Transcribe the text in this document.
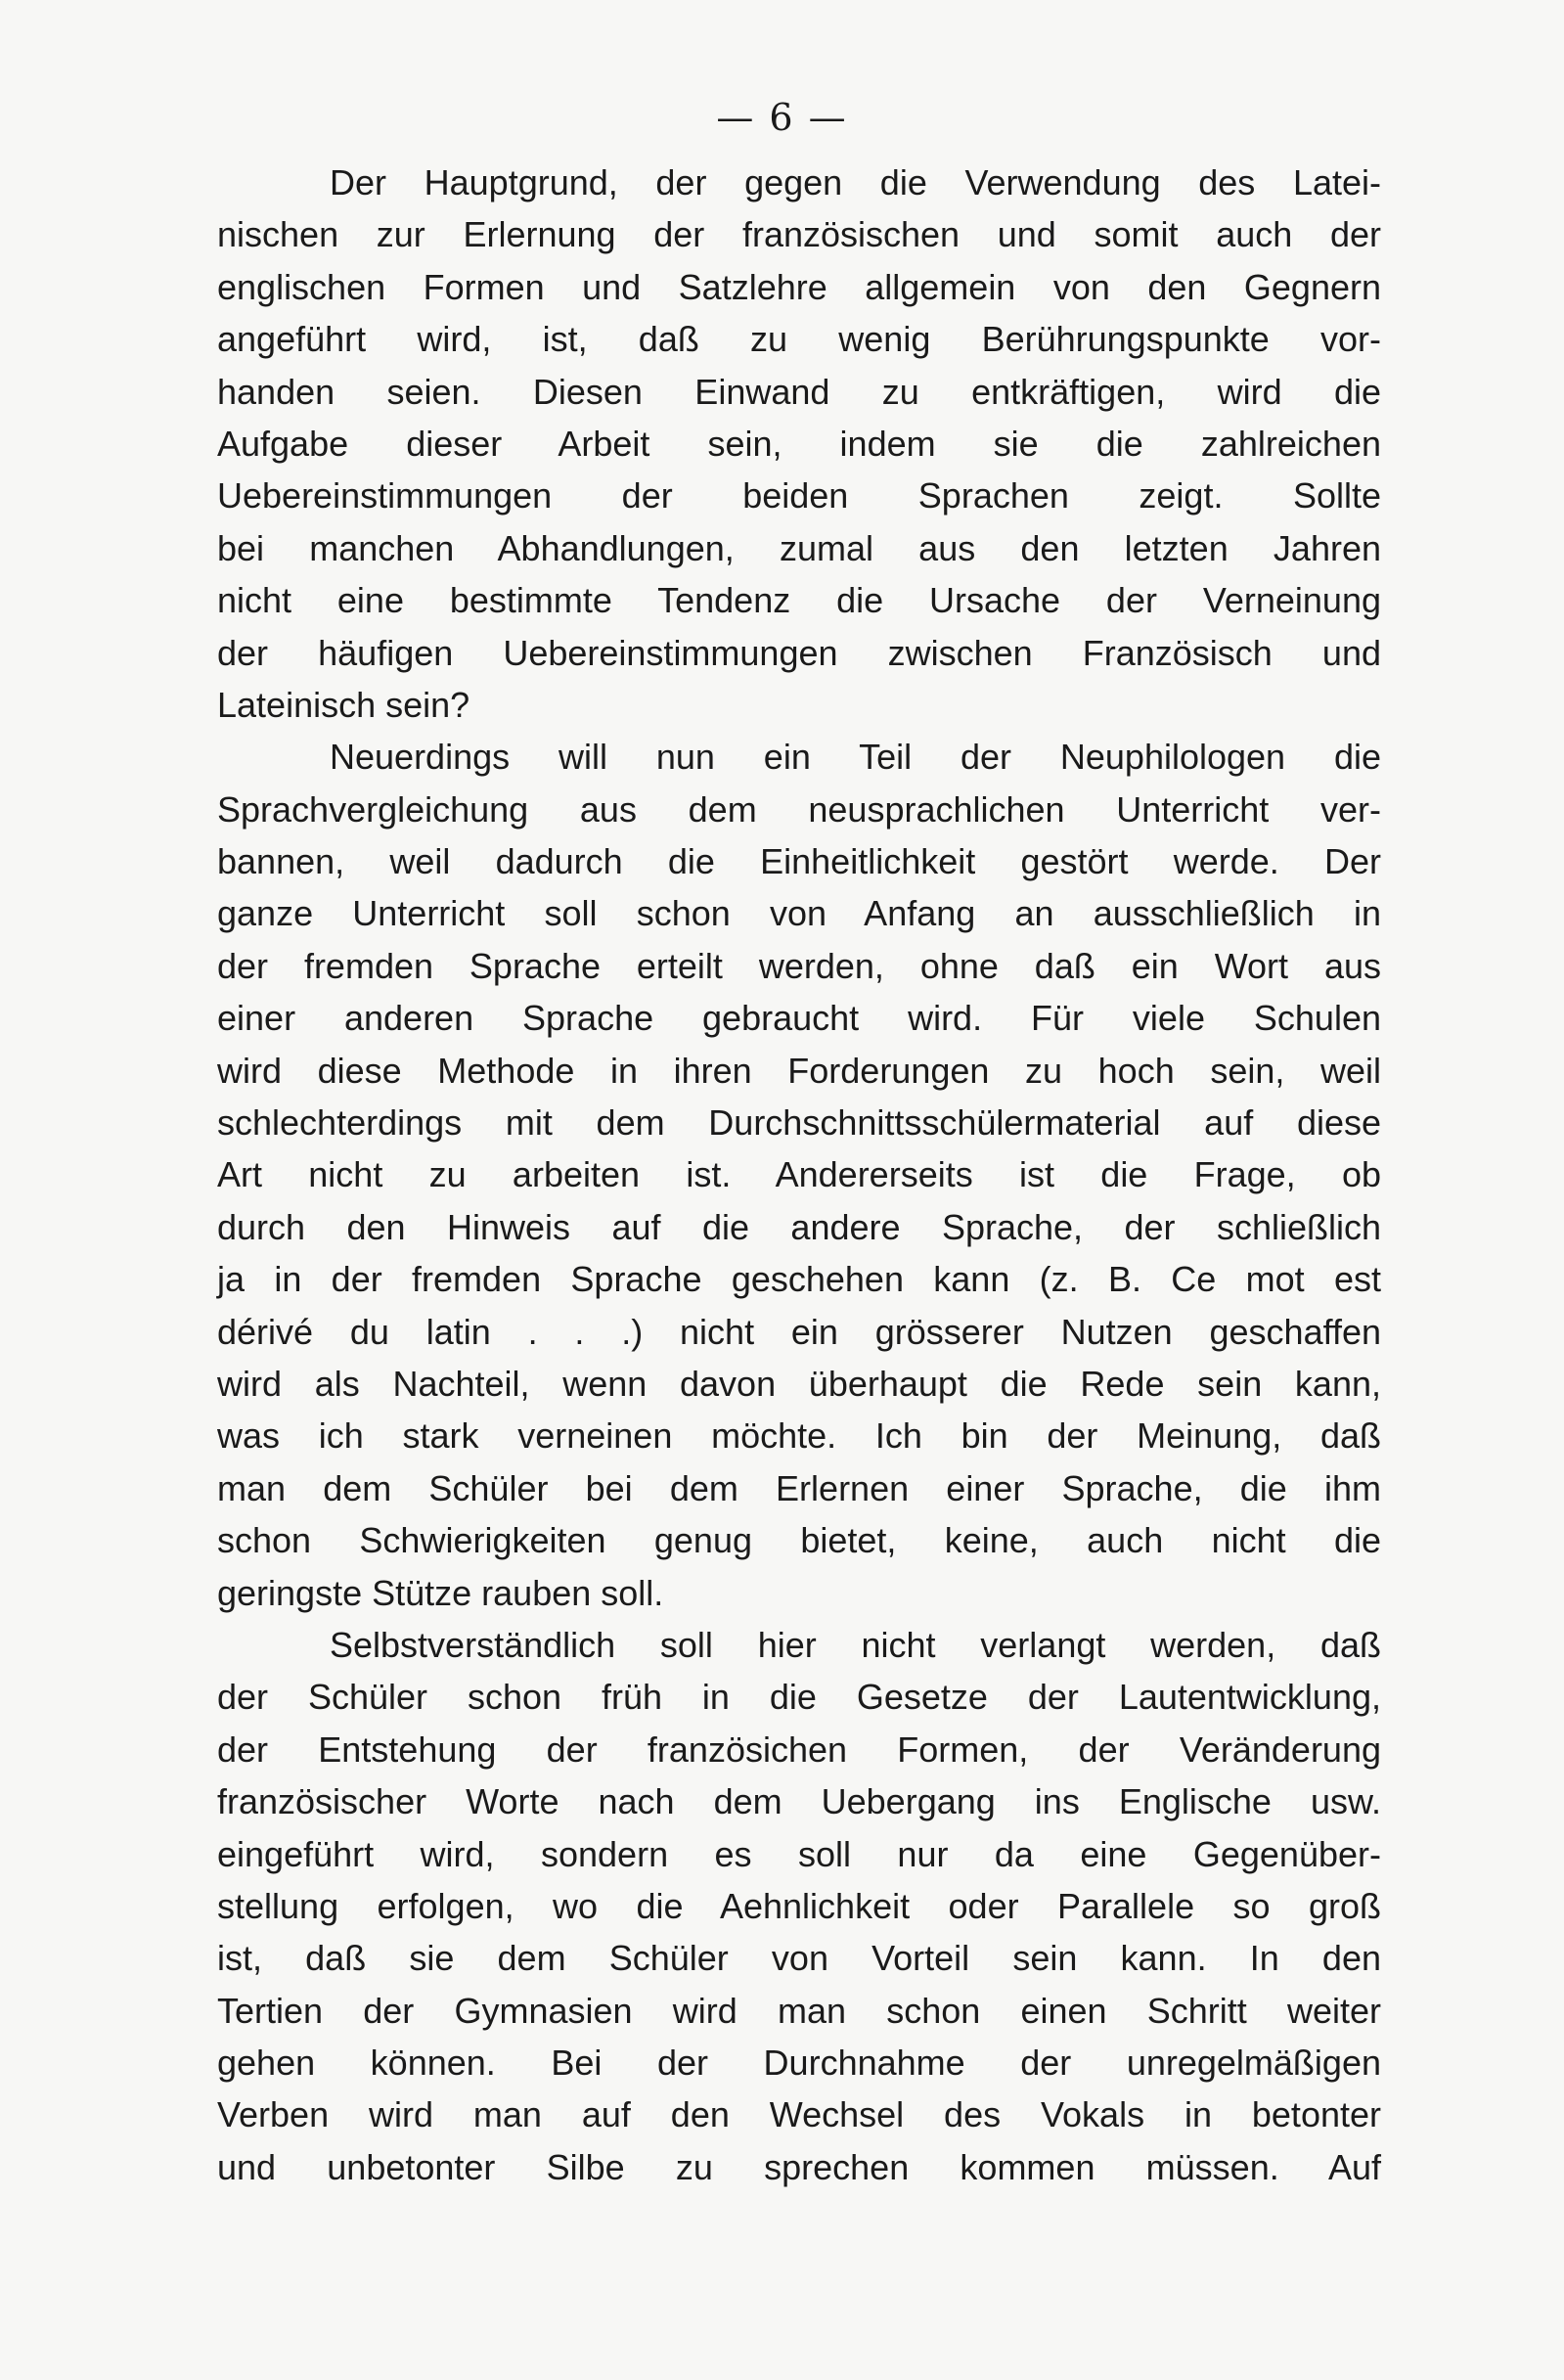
— 6 —
Der Hauptgrund, der gegen die Verwendung des Latei-
nischen zur Erlernung der französischen und somit auch der
englischen Formen und Satzlehre allgemein von den Gegnern
angeführt wird, ist, daß zu wenig Berührungspunkte vor-
handen seien. Diesen Einwand zu entkräftigen, wird die
Aufgabe dieser Arbeit sein, indem sie die zahlreichen
Uebereinstimmungen der beiden Sprachen zeigt. Sollte
bei manchen Abhandlungen, zumal aus den letzten Jahren
nicht eine bestimmte Tendenz die Ursache der Verneinung
der häufigen Uebereinstimmungen zwischen Französisch und
Lateinisch sein?
Neuerdings will nun ein Teil der Neuphilologen die
Sprachvergleichung aus dem neusprachlichen Unterricht ver-
bannen, weil dadurch die Einheitlichkeit gestört werde. Der
ganze Unterricht soll schon von Anfang an ausschließlich in
der fremden Sprache erteilt werden, ohne daß ein Wort aus
einer anderen Sprache gebraucht wird. Für viele Schulen
wird diese Methode in ihren Forderungen zu hoch sein, weil
schlechterdings mit dem Durchschnittsschülermaterial auf diese
Art nicht zu arbeiten ist. Andererseits ist die Frage, ob
durch den Hinweis auf die andere Sprache, der schließlich
ja in der fremden Sprache geschehen kann (z. B. Ce mot est
dérivé du latin . . .) nicht ein grösserer Nutzen geschaffen
wird als Nachteil, wenn davon überhaupt die Rede sein kann,
was ich stark verneinen möchte. Ich bin der Meinung, daß
man dem Schüler bei dem Erlernen einer Sprache, die ihm
schon Schwierigkeiten genug bietet, keine, auch nicht die
geringste Stütze rauben soll.
Selbstverständlich soll hier nicht verlangt werden, daß
der Schüler schon früh in die Gesetze der Lautentwicklung,
der Entstehung der französichen Formen, der Veränderung
französischer Worte nach dem Uebergang ins Englische usw.
eingeführt wird, sondern es soll nur da eine Gegenüber-
stellung erfolgen, wo die Aehnlichkeit oder Parallele so groß
ist, daß sie dem Schüler von Vorteil sein kann. In den
Tertien der Gymnasien wird man schon einen Schritt weiter
gehen können. Bei der Durchnahme der unregelmäßigen
Verben wird man auf den Wechsel des Vokals in betonter
und unbetonter Silbe zu sprechen kommen müssen. Auf
